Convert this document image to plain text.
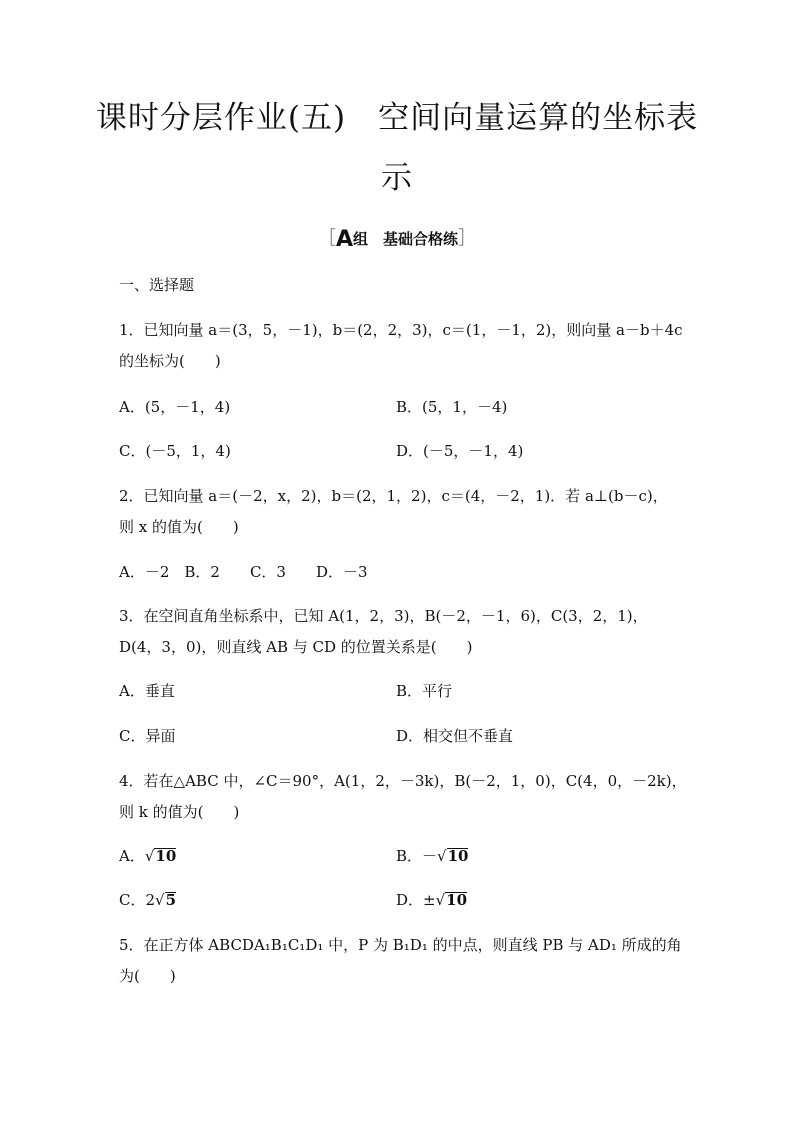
课时分层作业(五)　空间向量运算的坐标表
示
［A组　基础合格练］
一、选择题
1．已知向量 a＝(3，5，－1)，b＝(2，2，3)，c＝(1，－1，2)，则向量 a－b＋4c
的坐标为(　　)
A．(5，－1，4)	B．(5，1，－4)
C．(－5，1，4)	D．(－5，－1，4)
2．已知向量 a＝(－2，x，2)，b＝(2，1，2)，c＝(4，－2，1)．若 a⊥(b－c)，
则 x 的值为(　　)
A．－2　B．2　　C．3　　D．－3
3．在空间直角坐标系中，已知 A(1，2，3)，B(－2，－1，6)，C(3，2，1)，
D(4，3，0)，则直线 AB 与 CD 的位置关系是(　　)
A．垂直	B．平行
C．异面	D．相交但不垂直
4．若在△ABC 中，∠C＝90°，A(1，2，－3k)，B(－2，1，0)，C(4，0，－2k)，
则 k 的值为(　　)
A．√10	B．－√10
C．2√5	D．±√10
5．在正方体 ABCDA₁B₁C₁D₁ 中，P 为 B₁D₁ 的中点，则直线 PB 与 AD₁ 所成的角
为(　　)
